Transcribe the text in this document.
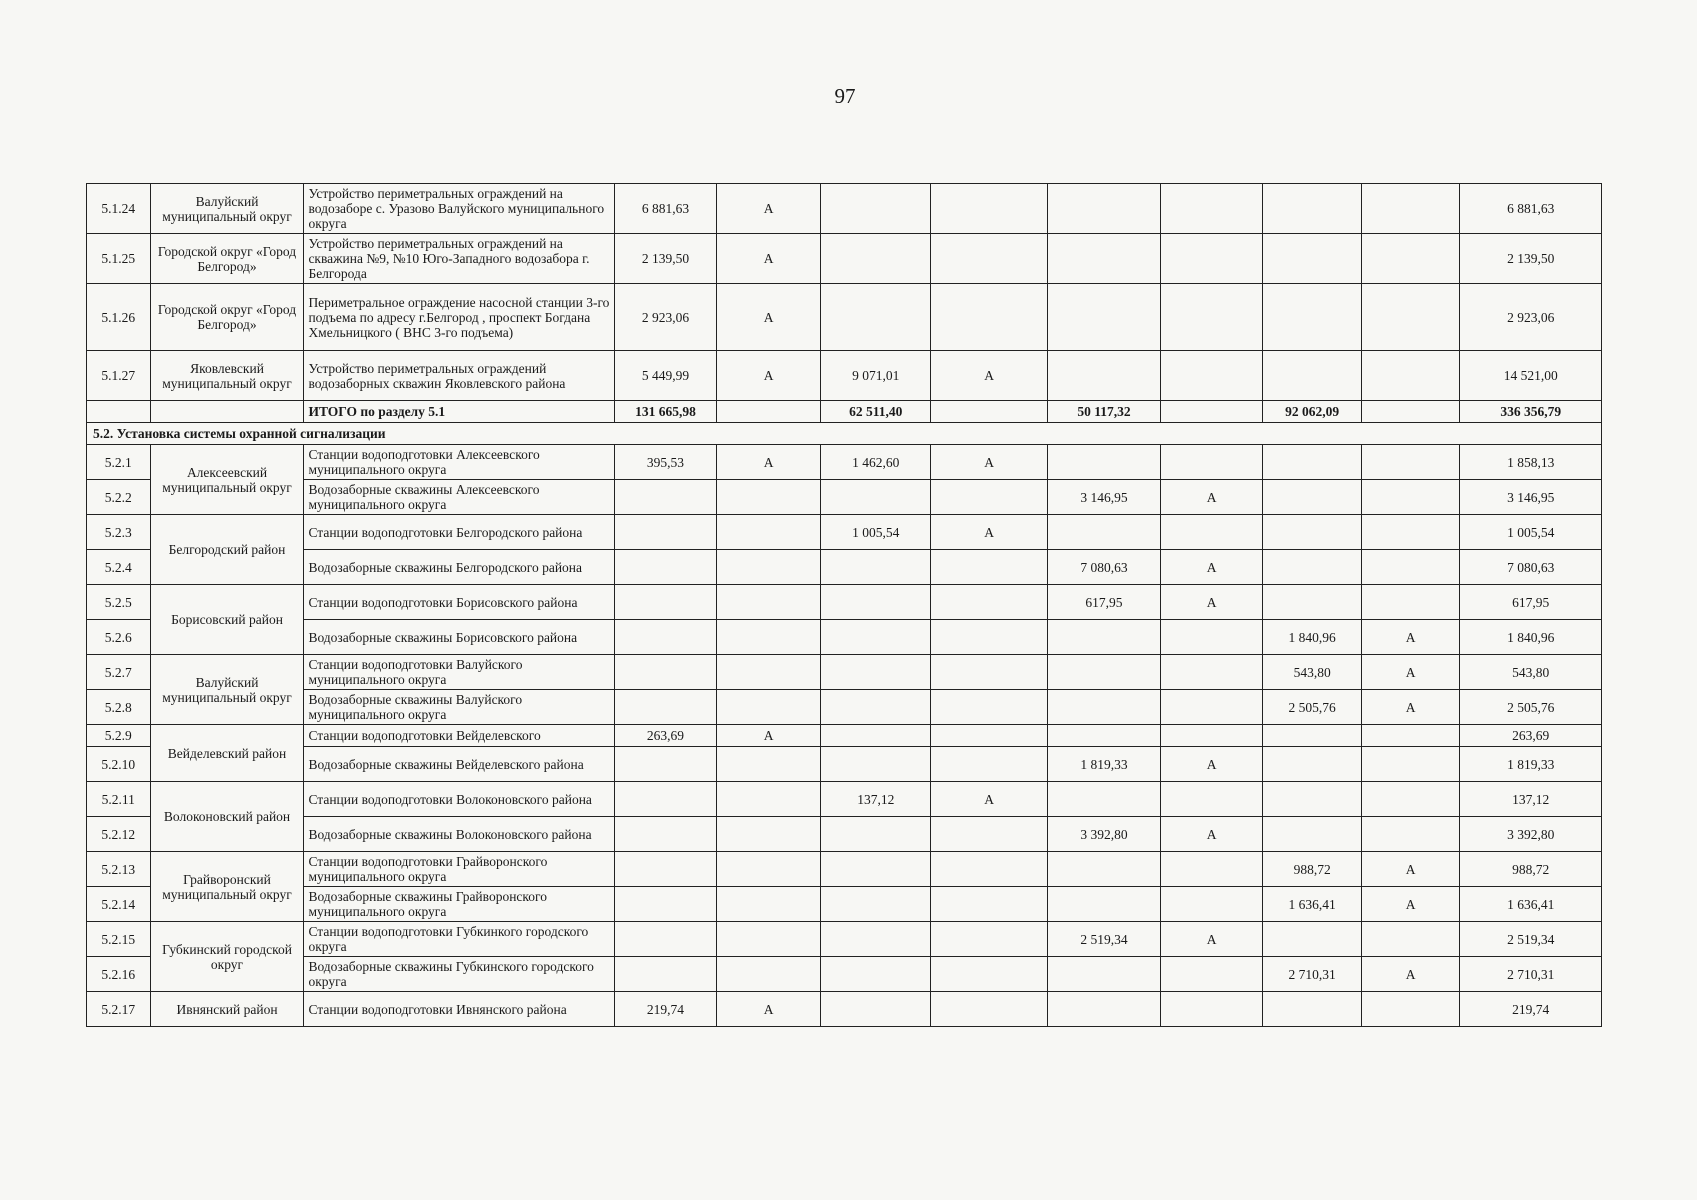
97
5.1.24	Валуйский муниципальный округ	Устройство периметральных ограждений на водозаборе с. Уразово Валуйского муниципального округа	6 881,63	А							6 881,63
5.1.25	Городской округ «Город Белгород»	Устройство периметральных ограждений на скважина №9, №10 Юго-Западного водозабора г. Белгорода	2 139,50	А							2 139,50
5.1.26	Городской округ «Город Белгород»	Периметральное ограждение насосной станции 3-го подъема по адресу г.Белгород , проспект Богдана Хмельницкого ( ВНС 3-го подъема)	2 923,06	А							2 923,06
5.1.27	Яковлевский муниципальный округ	Устройство периметральных ограждений водозаборных скважин Яковлевского района	5 449,99	А	9 071,01	А					14 521,00
		ИТОГО по разделу 5.1	131 665,98		62 511,40		50 117,32		92 062,09		336 356,79
5.2. Установка системы охранной сигнализации											
5.2.1	Алексеевский муниципальный округ	Станции водоподготовки Алексеевского муниципального округа	395,53	А	1 462,60	А					1 858,13
5.2.2		Водозаборные скважины Алексеевского муниципального округа					3 146,95	А			3 146,95
5.2.3	Белгородский район	Станции водоподготовки Белгородского района			1 005,54	А					1 005,54
5.2.4		Водозаборные скважины Белгородского района					7 080,63	А			7 080,63
5.2.5	Борисовский район	Станции водоподготовки Борисовского района					617,95	А			617,95
5.2.6		Водозаборные скважины Борисовского района							1 840,96	А	1 840,96
5.2.7	Валуйский муниципальный округ	Станции водоподготовки Валуйского муниципального округа							543,80	А	543,80
5.2.8		Водозаборные скважины Валуйского муниципального округа							2 505,76	А	2 505,76
5.2.9	Вейделевский район	Станции водоподготовки Вейделевского	263,69	А							263,69
5.2.10		Водозаборные скважины Вейделевского района					1 819,33	А			1 819,33
5.2.11	Волоконовский район	Станции водоподготовки Волоконовского района			137,12	А					137,12
5.2.12		Водозаборные скважины Волоконовского района					3 392,80	А			3 392,80
5.2.13	Грайворонский муниципальный округ	Станции водоподготовки Грайворонского муниципального округа							988,72	А	988,72
5.2.14		Водозаборные скважины Грайворонского муниципального округа							1 636,41	А	1 636,41
5.2.15	Губкинский городской округ	Станции водоподготовки Губкинкого городского округа					2 519,34	А			2 519,34
5.2.16		Водозаборные скважины Губкинского городского округа							2 710,31	А	2 710,31
5.2.17	Ивнянский район	Станции водоподготовки Ивнянского района	219,74	А							219,74
